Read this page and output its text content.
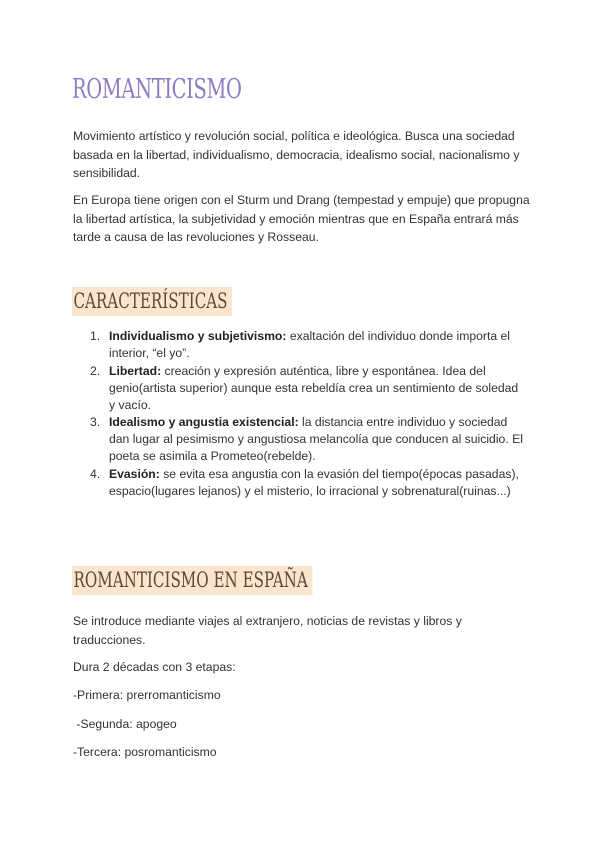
ROMANTICISMO

Movimiento artístico y revolución social, política e ideológica. Busca una sociedad basada en la libertad, individualismo, democracia, idealismo social, nacionalismo y sensibilidad.

En Europa tiene origen con el Sturm und Drang (tempestad y empuje) que propugna la libertad artística, la subjetividad y emoción mientras que en España entrará más tarde a causa de las revoluciones y Rosseau.

CARACTERÍSTICAS
1. Individualismo y subjetivismo: exaltación del individuo donde importa el interior, “el yo”.
2. Libertad: creación y expresión auténtica, libre y espontánea. Idea del genio(artista superior) aunque esta rebeldía crea un sentimiento de soledad y vacío.
3. Idealismo y angustia existencial: la distancia entre individuo y sociedad dan lugar al pesimismo y angustiosa melancolía que conducen al suicidio. El poeta se asimila a Prometeo(rebelde).
4. Evasión: se evita esa angustia con la evasión del tiempo(épocas pasadas), espacio(lugares lejanos) y el misterio, lo irracional y sobrenatural(ruinas...)
ROMANTICISMO EN ESPAÑA

Se introduce mediante viajes al extranjero, noticias de revistas y libros y traducciones.

Dura 2 décadas con 3 etapas:

-Primera: prerromanticismo

-Segunda: apogeo

-Tercera: posromanticismo
